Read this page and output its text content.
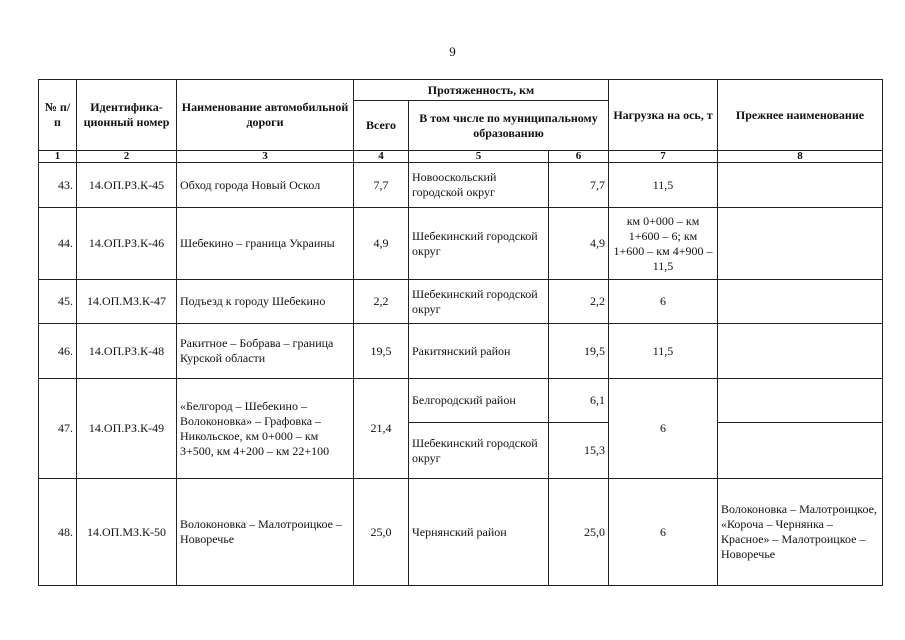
9
№ п/п	Идентифика-ционный номер	Наименование автомобильной дороги	Протяженность, км			Нагрузка на ось, т	Прежнее наименование
			Всего	В том числе по муниципальному образованию			
1	2	3	4	5	6	7	8
43.	14.ОП.РЗ.К-45	Обход города Новый Оскол	7,7	Новооскольский городской округ	7,7	11,5	
44.	14.ОП.РЗ.К-46	Шебекино – граница Украины	4,9	Шебекинский городской округ	4,9	км 0+000 – км 1+600 – 6; км 1+600 – км 4+900 – 11,5	
45.	14.ОП.МЗ.К-47	Подъезд к городу Шебекино	2,2	Шебекинский городской округ	2,2	6	
46.	14.ОП.РЗ.К-48	Ракитное – Бобрава – граница Курской области	19,5	Ракитянский район	19,5	11,5	
47.	14.ОП.РЗ.К-49	«Белгород – Шебекино – Волоконовка» – Графовка – Никольское, км 0+000 – км 3+500, км 4+200 – км 22+100	21,4	Белгородский район	6,1	6	
				Шебекинский городской округ	15,3		
48.	14.ОП.МЗ.К-50	Волоконовка – Малотроицкое – Новоречье	25,0	Чернянский район	25,0	6	Волоконовка – Малотроицкое, «Короча – Чернянка – Красное» – Малотроицкое – Новоречье
